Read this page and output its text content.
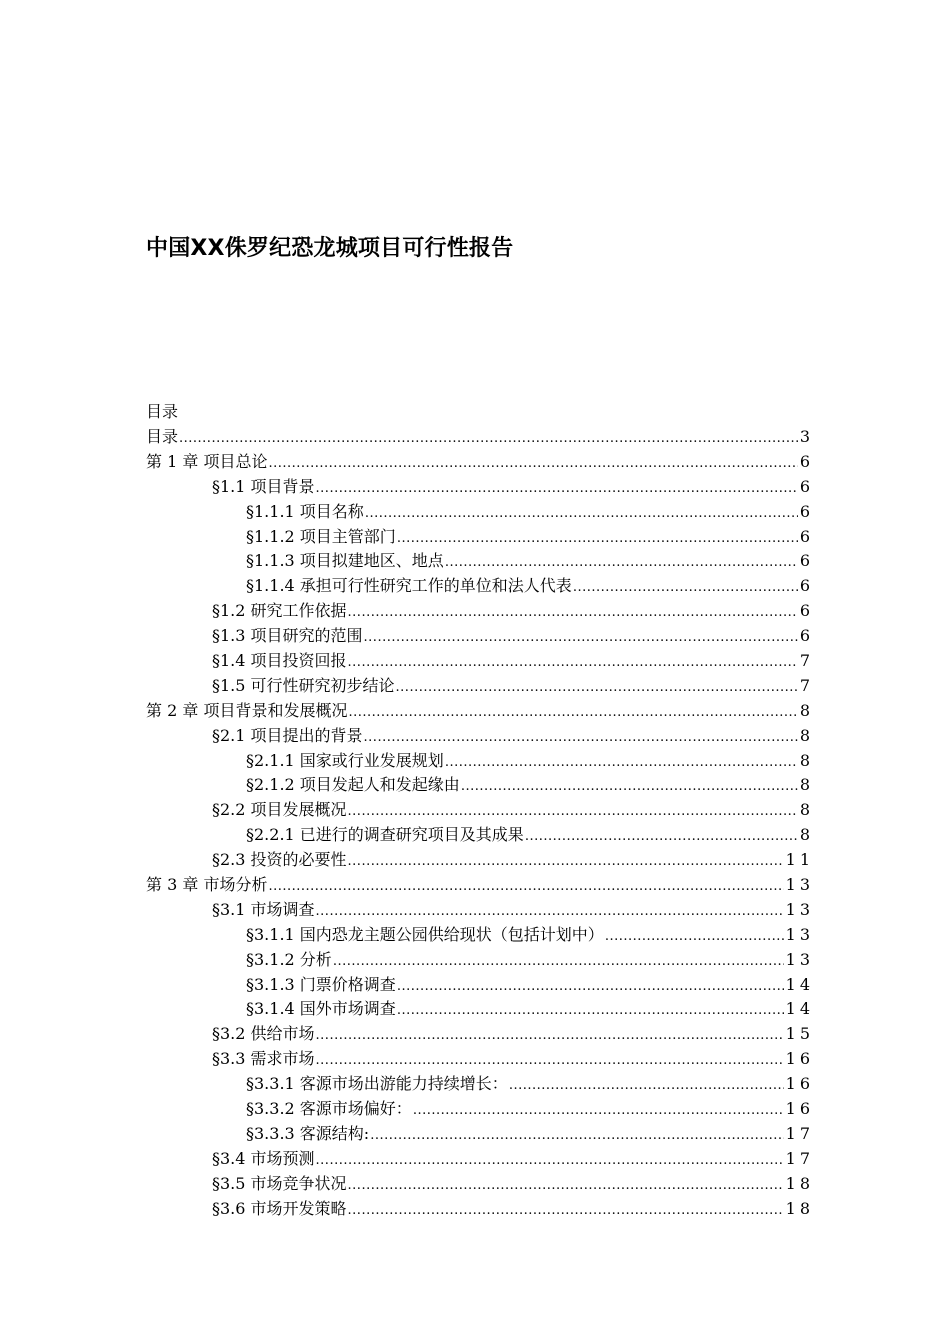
中国XX侏罗纪恐龙城项目可行性报告
目录
目录 .....	3
第 1 章 项目总论 .....	6
§1.1 项目背景 .....	6
§1.1.1 项目名称 .....	6
§1.1.2 项目主管部门 .....	6
§1.1.3 项目拟建地区、地点 .....	6
§1.1.4 承担可行性研究工作的单位和法人代表 .....	6
§1.2 研究工作依据 .....	6
§1.3 项目研究的范围 .....	6
§1.4 项目投资回报 .....	7
§1.5 可行性研究初步结论 .....	7
第 2 章 项目背景和发展概况 .....	8
§2.1 项目提出的背景 .....	8
§2.1.1 国家或行业发展规划 .....	8
§2.1.2 项目发起人和发起缘由 .....	8
§2.2 项目发展概况 .....	8
§2.2.1 已进行的调查研究项目及其成果 .....	8
§2.3 投资的必要性 .....	11
第 3 章 市场分析 .....	13
§3.1 市场调查 .....	13
§3.1.1 国内恐龙主题公园供给现状（包括计划中） .....	13
§3.1.2 分析 .....	13
§3.1.3 门票价格调查 .....	14
§3.1.4 国外市场调查 .....	14
§3.2 供给市场 .....	15
§3.3 需求市场 .....	16
§3.3.1 客源市场出游能力持续增长： .....	16
§3.3.2 客源市场偏好： .....	16
§3.3.3 客源结构: .....	17
§3.4 市场预测 .....	17
§3.5 市场竞争状况 .....	18
§3.6 市场开发策略 .....	18
